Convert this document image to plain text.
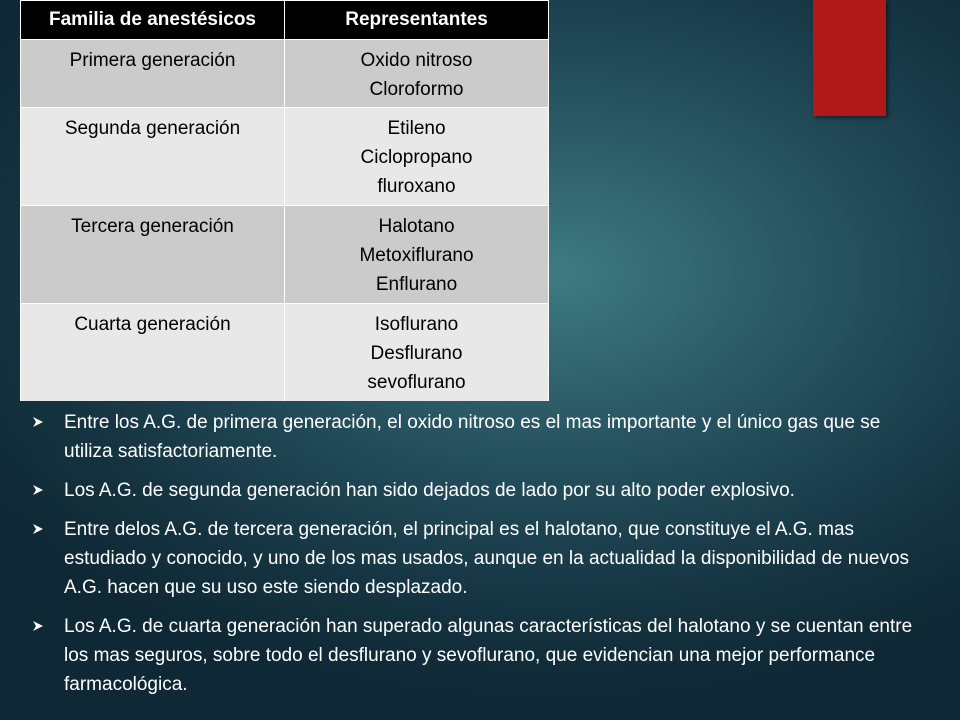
Familia de anestésicos	Representantes
Primera generación	Oxido nitroso
Cloroformo

Segunda generación	Etileno
Ciclopropano
fluroxano

Tercera generación	Halotano
Metoxiflurano
Enflurano

Cuarta generación	Isoflurano
Desflurano
sevoflurano
Entre los A.G. de primera generación, el oxido nitroso es el mas importante y el único gas que se utiliza satisfactoriamente.
Los A.G. de segunda generación han sido dejados de lado por su alto poder explosivo.
Entre delos A.G. de tercera generación, el principal es el halotano, que constituye el A.G. mas estudiado y conocido, y uno de los mas usados, aunque en la actualidad la disponibilidad de nuevos A.G. hacen que su uso este siendo desplazado.
Los A.G. de cuarta generación han superado algunas características del halotano y se cuentan entre los mas seguros, sobre todo el desflurano y sevoflurano, que evidencian una mejor performance farmacológica.
